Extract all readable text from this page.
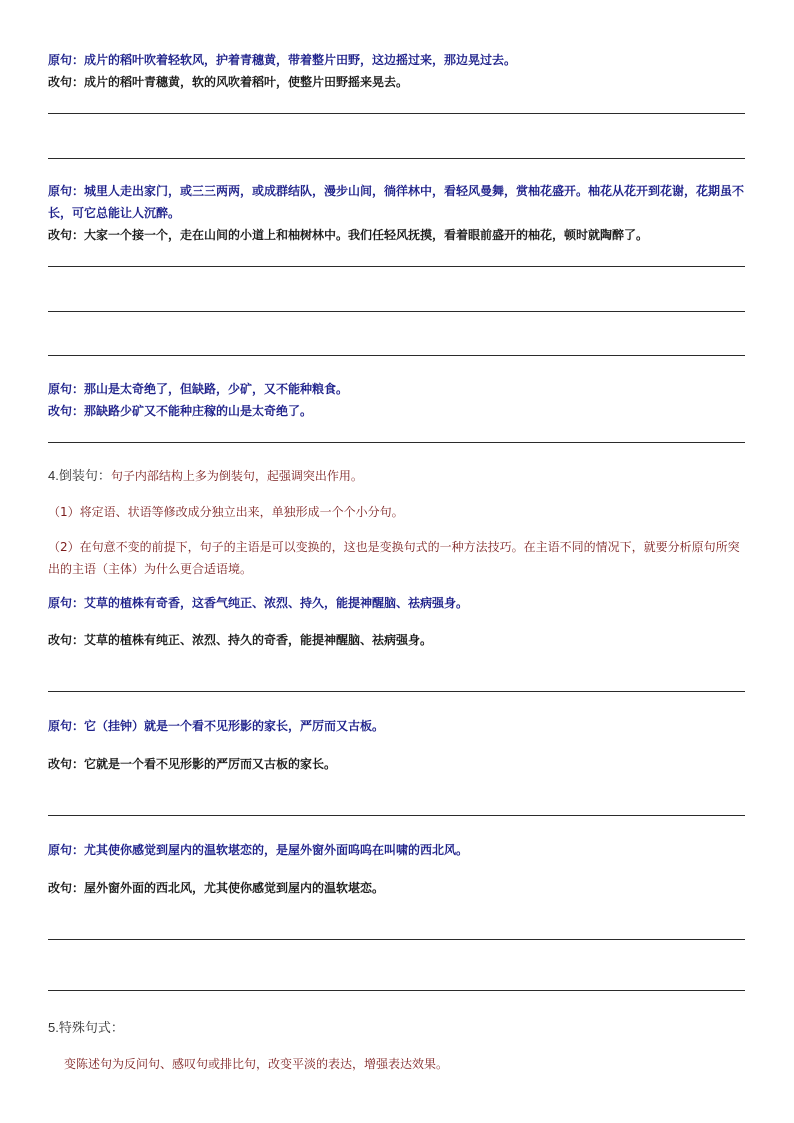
原句：成片的稻叶吹着轻软风，护着青穗黄，带着整片田野，这边摇过来，那边晃过去。

改句：成片的稻叶青穗黄，软的风吹着稻叶，使整片田野摇来晃去。

原句：城里人走出家门，或三三两两，或成群结队，漫步山间，徜徉林中，看轻风曼舞，赏柚花盛开。柚花从花开到花谢，花期虽不长，可它总能让人沉醉。

改句：大家一个接一个，走在山间的小道上和柚树林中。我们任轻风抚摸，看着眼前盛开的柚花，顿时就陶醉了。

原句：那山是太奇绝了，但缺路，少矿，又不能种粮食。

改句：那缺路少矿又不能种庄稼的山是太奇绝了。

4.倒装句：句子内部结构上多为倒装句，起强调突出作用。

（1）将定语、状语等修改成分独立出来，单独形成一个个小分句。

（2）在句意不变的前提下，句子的主语是可以变换的，这也是变换句式的一种方法技巧。在主语不同的情况下，就要分析原句所突出的主语（主体）为什么更合适语境。

原句：艾草的植株有奇香，这香气纯正、浓烈、持久，能提神醒脑、祛病强身。

改句：艾草的植株有纯正、浓烈、持久的奇香，能提神醒脑、祛病强身。

原句：它（挂钟）就是一个看不见形影的家长，严厉而又古板。

改句：它就是一个看不见形影的严厉而又古板的家长。

原句：尤其使你感觉到屋内的温软堪恋的，是屋外窗外面呜呜在叫啸的西北风。

改句：屋外窗外面的西北风，尤其使你感觉到屋内的温软堪恋。

5.特殊句式：

变陈述句为反问句、感叹句或排比句，改变平淡的表达，增强表达效果。
